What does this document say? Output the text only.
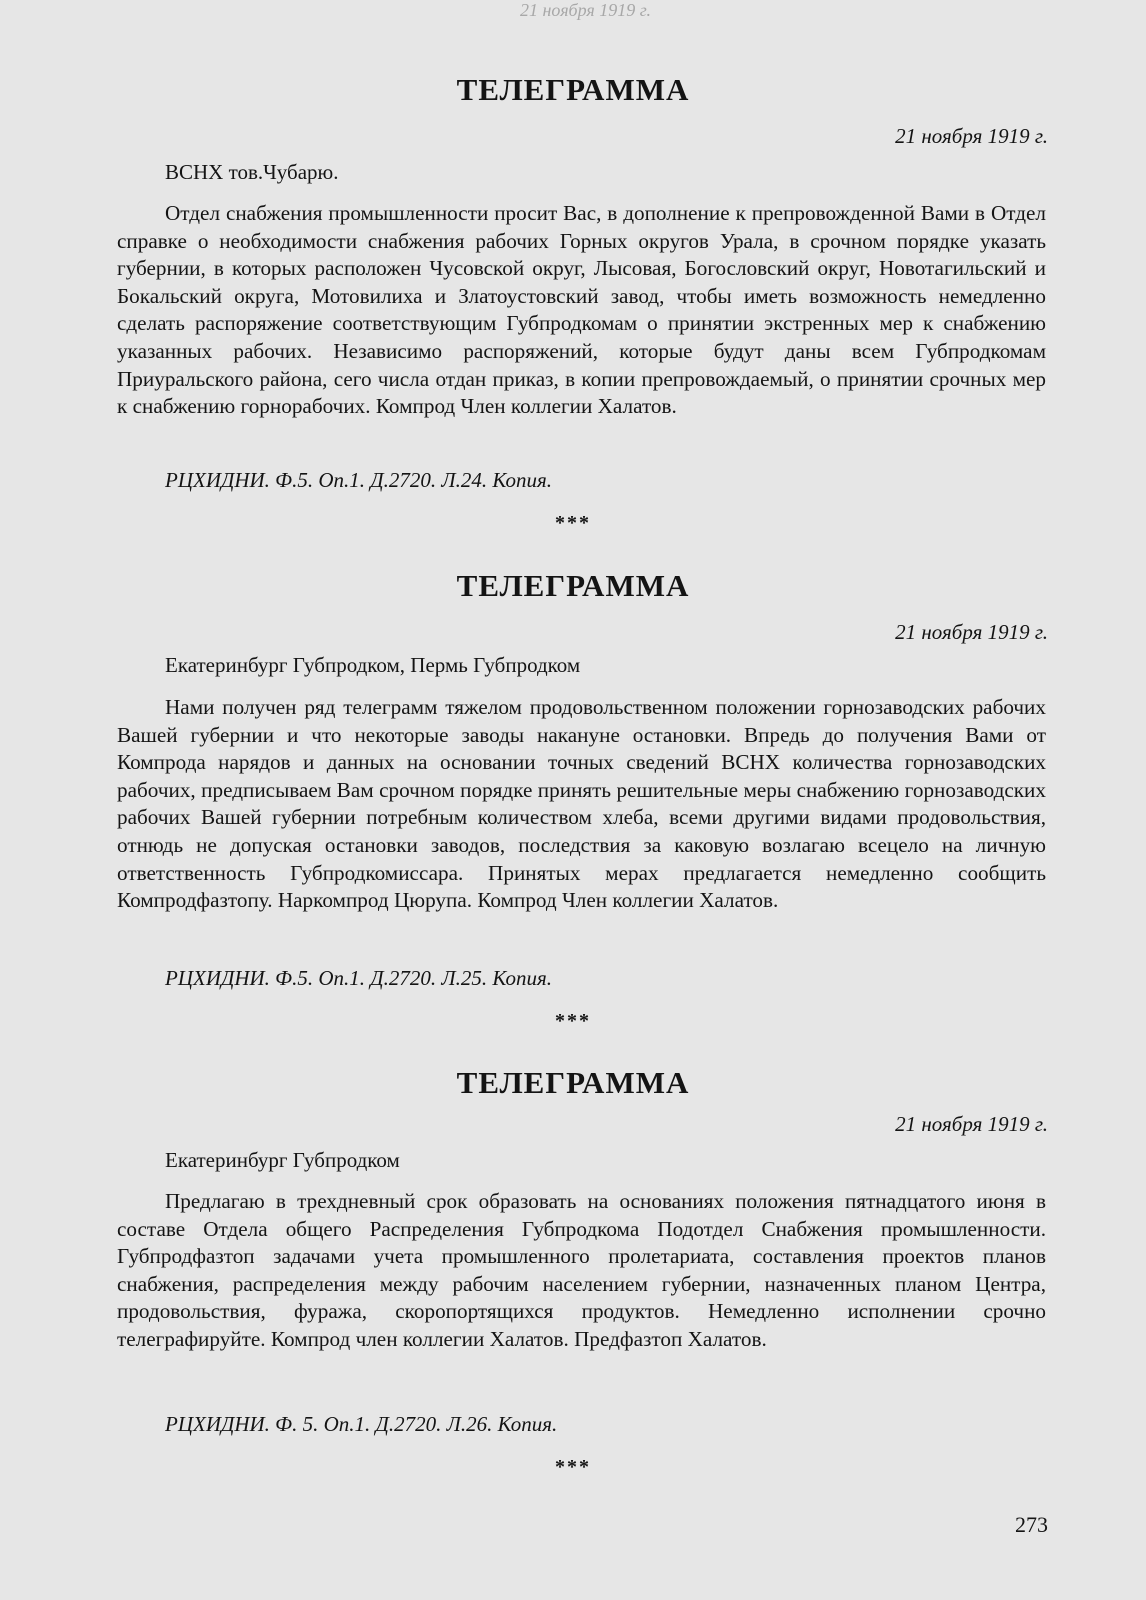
21 ноября 1919 г.
ТЕЛЕГРАММА
21 ноября 1919 г.
ВСНХ тов.Чубарю.

Отдел снабжения промышленности просит Вас, в дополнение к препровожденной Вами в Отдел справке о необходимости снабжения рабочих Горных округов Урала, в срочном порядке указать губернии, в которых расположен Чусовской округ, Лысовая, Богословский округ, Новотагильский и Бокальский округа, Мотовилиха и Златоустовский завод, чтобы иметь возможность немедленно сделать распоряжение соответствующим Губпродкомам о принятии экстренных мер к снабжению указанных рабочих. Независимо распоряжений, которые будут даны всем Губпродкомам Приуральского района, сего числа отдан приказ, в копии препровождаемый, о принятии срочных мер к снабжению горнорабочих. Компрод Член коллегии Халатов.

РЦХИДНИ. Ф.5. Оп.1. Д.2720. Л.24. Копия.
***
ТЕЛЕГРАММА
21 ноября 1919 г.
Екатеринбург Губпродком, Пермь Губпродком

Нами получен ряд телеграмм тяжелом продовольственном положении горнозаводских рабочих Вашей губернии и что некоторые заводы накануне остановки. Впредь до получения Вами от Компрода нарядов и данных на основании точных сведений ВСНХ количества горнозаводских рабочих, предписываем Вам срочном порядке принять решительные меры снабжению горнозаводских рабочих Вашей губернии потребным количеством хлеба, всеми другими видами продовольствия, отнюдь не допуская остановки заводов, последствия за каковую возлагаю всецело на личную ответственность Губпродкомиссара. Принятых мерах предлагается немедленно сообщить Компродфазтопу. Наркомпрод Цюрупа. Компрод Член коллегии Халатов.

РЦХИДНИ. Ф.5. Оп.1. Д.2720. Л.25. Копия.
***
ТЕЛЕГРАММА
21 ноября 1919 г.
Екатеринбург Губпродком

Предлагаю в трехдневный срок образовать на основаниях положения пятнадцатого июня в составе Отдела общего Распределения Губпродкома Подотдел Снабжения промышленности. Губпродфазтоп задачами учета промышленного пролетариата, составления проектов планов снабжения, распределения между рабочим населением губернии, назначенных планом Центра, продовольствия, фуража, скоропортящихся продуктов. Немедленно исполнении срочно телеграфируйте. Компрод член коллегии Халатов. Предфазтоп Халатов.

РЦХИДНИ. Ф. 5. Оп.1. Д.2720. Л.26. Копия.
***
273
